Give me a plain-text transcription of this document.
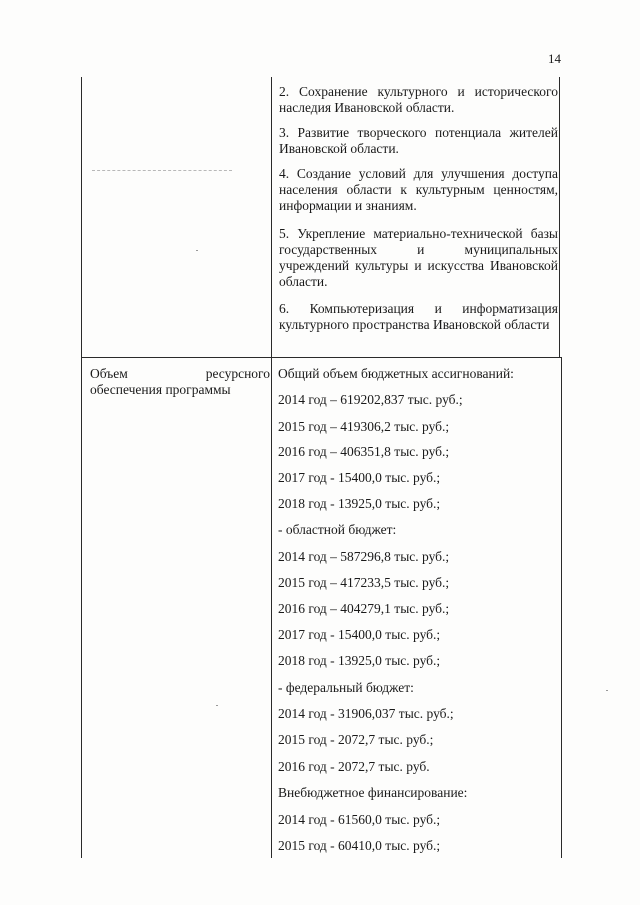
14
2. Сохранение культурного и исторического наследия Ивановской области.
3. Развитие творческого потенциала жителей Ивановской области.
4. Создание условий для улучшения доступа населения области к культурным ценностям, информации и знаниям.
5. Укрепление материально-технической базы государственных и муниципальных учреждений культуры и искусства Ивановской области.
6. Компьютеризация и информатизация культурного пространства Ивановской области
Объем	ресурсного
обеспечения программы
Общий объем бюджетных ассигнований:
2014 год – 619202,837 тыс. руб.;
2015 год – 419306,2 тыс. руб.;
2016 год – 406351,8 тыс. руб.;
2017 год - 15400,0 тыс. руб.;
2018 год - 13925,0 тыс. руб.;
- областной бюджет:
2014 год – 587296,8 тыс. руб.;
2015 год – 417233,5 тыс. руб.;
2016 год – 404279,1 тыс. руб.;
2017 год - 15400,0 тыс. руб.;
2018 год - 13925,0 тыс. руб.;
- федеральный бюджет:
2014 год - 31906,037 тыс. руб.;
2015 год - 2072,7 тыс. руб.;
2016 год - 2072,7 тыс. руб.
Внебюджетное финансирование:
2014 год - 61560,0 тыс. руб.;
2015 год - 60410,0 тыс. руб.;
